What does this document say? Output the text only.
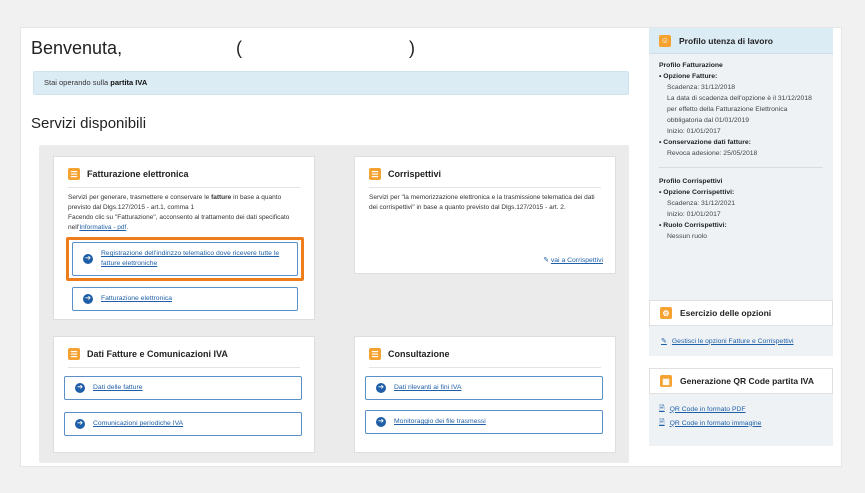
Benvenuta,	(	)
Stai operando sulla partita IVA
Servizi disponibili
☰ Fatturazione elettronica
Servizi per generare, trasmettere e conservare le fatture in base a quanto previsto dal Dlgs.127/2015 - art.1, comma 1
Facendo clic su "Fatturazione", acconsento al trattamento dei dati specificato nell'Informativa - pdf.
➔
Registrazione dell'indirizzo telematico dove ricevere tutte le fatture elettroniche
➔	Fatturazione elettronica
☰ Corrispettivi
Servizi per "la memorizzazione elettronica e la trasmissione telematica dei dati dei corrispettivi" in base a quanto previsto dal Dlgs.127/2015 - art. 2.
✎ vai a Corrispettivi
☰ Dati Fatture e Comunicazioni IVA
➔	Dati delle fatture
➔	Comunicazioni periodiche IVA
☰ Consultazione
➔	Dati rilevanti ai fini IVA
➔	Monitoraggio dei file trasmessi
☺ Profilo utenza di lavoro
Profilo Fatturazione
• Opzione Fatture:
Scadenza: 31/12/2018
La data di scadenza dell'opzione è il 31/12/2018 per effetto della Fatturazione Elettronica obbligatoria dal 01/01/2019
Inizio: 01/01/2017
• Conservazione dati fatture:
Revoca adesione: 25/05/2018
Profilo Corrispettivi
• Opzione Corrispettivi:
Scadenza: 31/12/2021
Inizio: 01/01/2017
• Ruolo Corrispettivi:
Nessun ruolo
⚙ Esercizio delle opzioni
✎ Gestisci le opzioni Fatture e Corrispettivi
▦ Generazione QR Code partita IVA
🗎 QR Code in formato PDF
🗎 QR Code in formato immagine
